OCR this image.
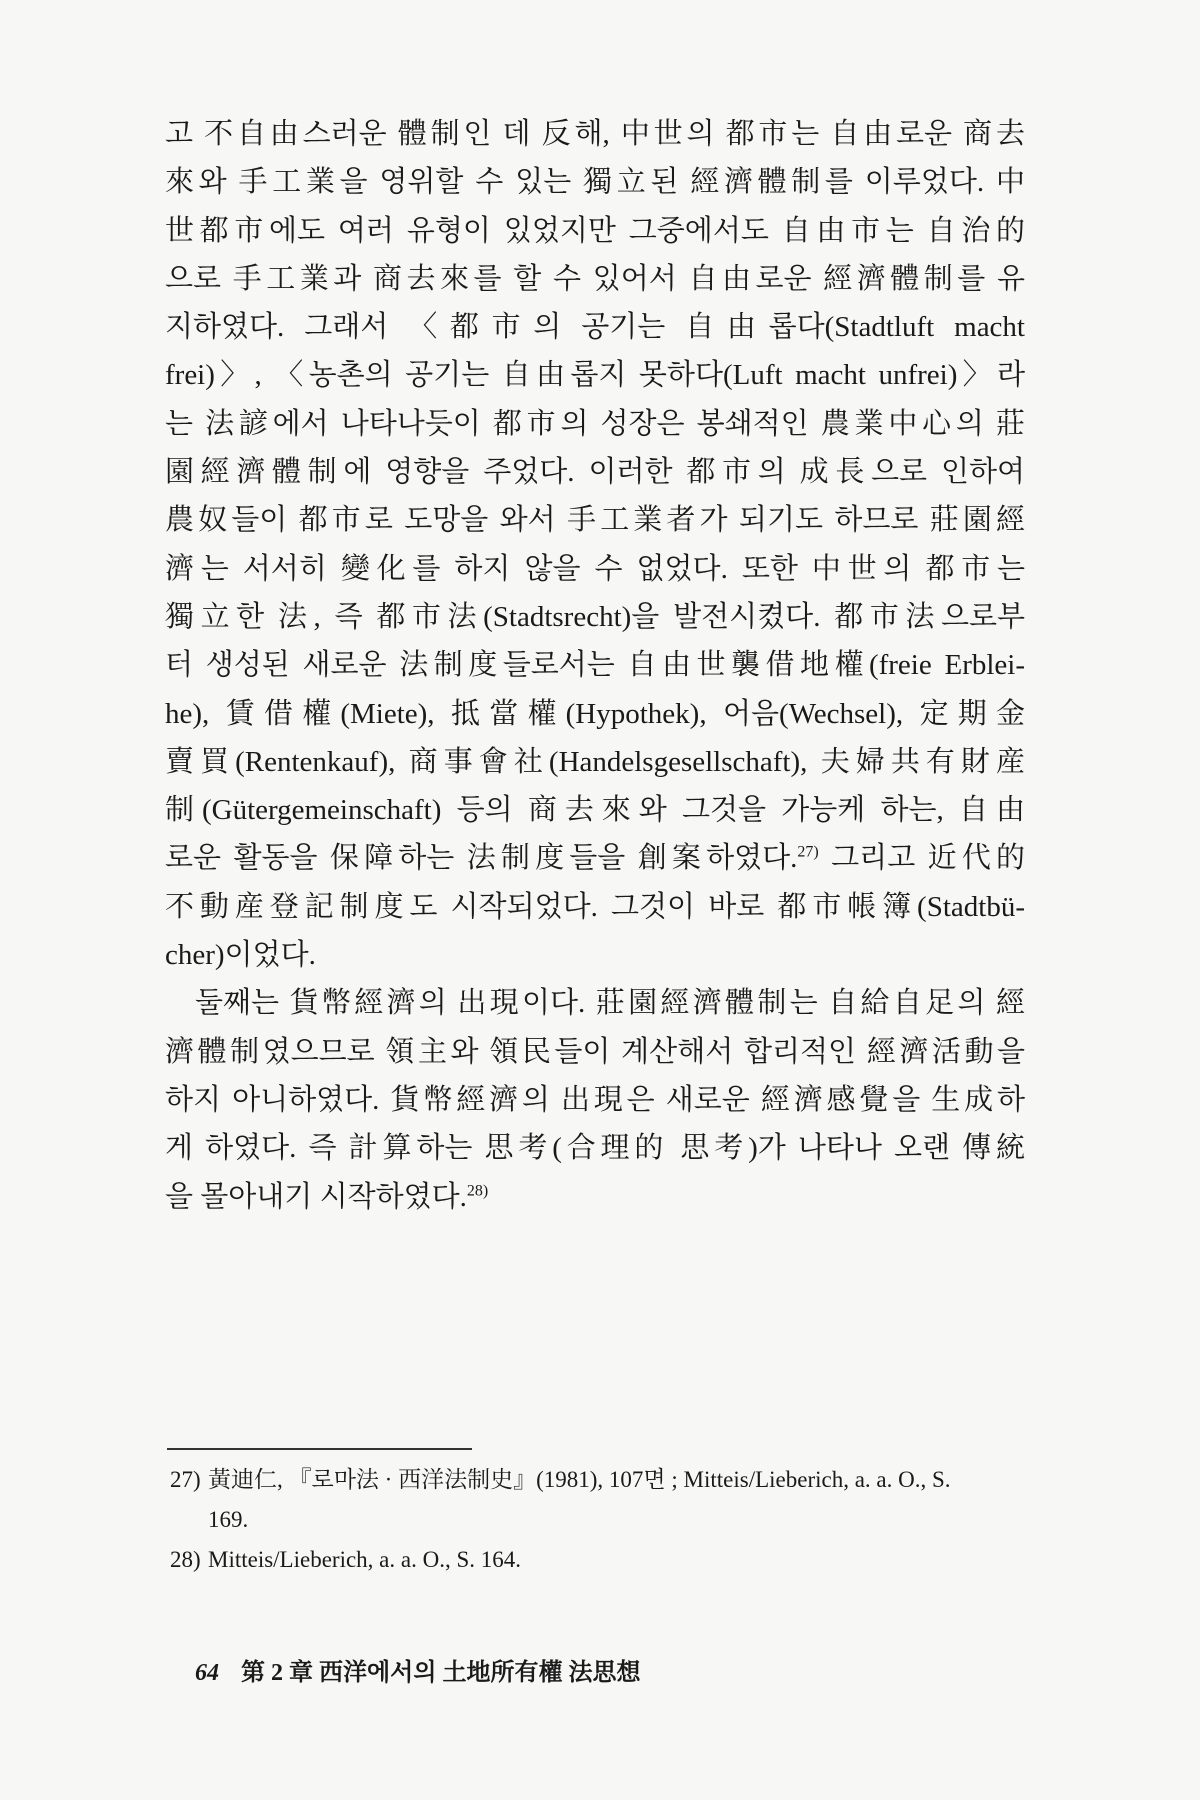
고 不自由스러운 體制인 데 反해, 中世의 都市는 自由로운 商去
來와 手工業을 영위할 수 있는 獨立된 經濟體制를 이루었다. 中
世都市에도 여러 유형이 있었지만 그중에서도 自由市는 自治的
으로 手工業과 商去來를 할 수 있어서 自由로운 經濟體制를 유
지하였다. 그래서 〈都市의 공기는 自由롭다(Stadtluft macht
frei)〉, 〈농촌의 공기는 自由롭지 못하다(Luft macht unfrei)〉라
는 法諺에서 나타나듯이 都市의 성장은 봉쇄적인 農業中心의 莊
園經濟體制에 영향을 주었다. 이러한 都市의 成長으로 인하여
農奴들이 都市로 도망을 와서 手工業者가 되기도 하므로 莊園經
濟는 서서히 變化를 하지 않을 수 없었다. 또한 中世의 都市는
獨立한 法, 즉 都市法(Stadtsrecht)을 발전시켰다. 都市法으로부
터 생성된 새로운 法制度들로서는 自由世襲借地權(freie Erblei-
he), 賃借權(Miete), 抵當權(Hypothek), 어음(Wechsel), 定期金
賣買(Rentenkauf), 商事會社(Handelsgesellschaft), 夫婦共有財産
制(Gütergemeinschaft) 등의 商去來와 그것을 가능케 하는, 自由
로운 활동을 保障하는 法制度들을 創案하였다.$^{27)}$ 그리고 近代的
不動産登記制度도 시작되었다. 그것이 바로 都市帳簿(Stadtbü-
cher)이었다.
둘째는 貨幣經濟의 出現이다. 莊園經濟體制는 自給自足의 經
濟體制였으므로 領主와 領民들이 계산해서 합리적인 經濟活動을
하지 아니하였다. 貨幣經濟의 出現은 새로운 經濟感覺을 生成하
게 하였다. 즉 計算하는 思考(合理的 思考)가 나타나 오랜 傳統
을 몰아내기 시작하였다.$^{28)}$
27) 黃迪仁, 『로마法 · 西洋法制史』(1981), 107면 ; Mitteis/Lieberich, a. a. O., S.
169.
28) Mitteis/Lieberich, a. a. O., S. 164.
64 第 2 章 西洋에서의 土地所有權 法思想
